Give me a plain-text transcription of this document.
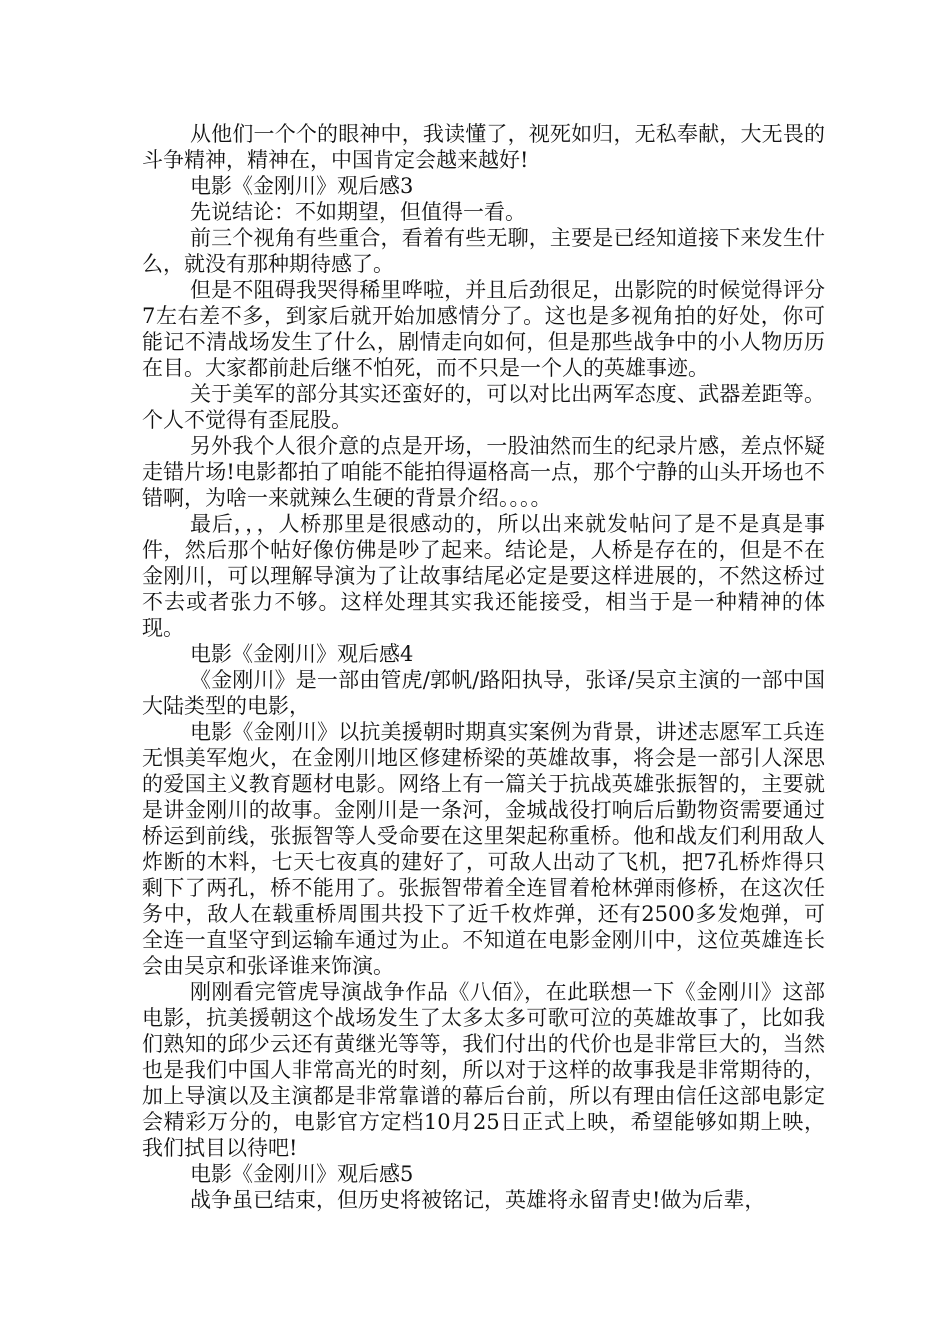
从他们一个个的眼神中，我读懂了，视死如归，无私奉献，大无畏的斗争精神，精神在，中国肯定会越来越好!

电影《金刚川》观后感3

先说结论：不如期望，但值得一看。

前三个视角有些重合，看着有些无聊，主要是已经知道接下来发生什么，就没有那种期待感了。

但是不阻碍我哭得稀里哗啦，并且后劲很足，出影院的时候觉得评分7左右差不多，到家后就开始加感情分了。这也是多视角拍的好处，你可能记不清战场发生了什么，剧情走向如何，但是那些战争中的小人物历历在目。大家都前赴后继不怕死，而不只是一个人的英雄事迹。

关于美军的部分其实还蛮好的，可以对比出两军态度、武器差距等。个人不觉得有歪屁股。

另外我个人很介意的点是开场，一股油然而生的纪录片感，差点怀疑走错片场!电影都拍了咱能不能拍得逼格高一点，那个宁静的山头开场也不错啊，为啥一来就辣么生硬的背景介绍。。。。

最后，，，人桥那里是很感动的，所以出来就发帖问了是不是真是事件，然后那个帖好像仿佛是吵了起来。结论是，人桥是存在的，但是不在金刚川，可以理解导演为了让故事结尾必定是要这样进展的，不然这桥过不去或者张力不够。这样处理其实我还能接受，相当于是一种精神的体现。

电影《金刚川》观后感4

《金刚川》是一部由管虎/郭帆/路阳执导，张译/吴京主演的一部中国大陆类型的电影，

电影《金刚川》以抗美援朝时期真实案例为背景，讲述志愿军工兵连无惧美军炮火，在金刚川地区修建桥梁的英雄故事，将会是一部引人深思的爱国主义教育题材电影。网络上有一篇关于抗战英雄张振智的，主要就是讲金刚川的故事。金刚川是一条河，金城战役打响后后勤物资需要通过桥运到前线，张振智等人受命要在这里架起称重桥。他和战友们利用敌人炸断的木料，七天七夜真的建好了，可敌人出动了飞机，把7孔桥炸得只剩下了两孔，桥不能用了。张振智带着全连冒着枪林弹雨修桥，在这次任务中，敌人在载重桥周围共投下了近千枚炸弹，还有2500多发炮弹，可全连一直坚守到运输车通过为止。不知道在电影金刚川中，这位英雄连长会由吴京和张译谁来饰演。

刚刚看完管虎导演战争作品《八佰》，在此联想一下《金刚川》这部电影，抗美援朝这个战场发生了太多太多可歌可泣的英雄故事了，比如我们熟知的邱少云还有黄继光等等，我们付出的代价也是非常巨大的，当然也是我们中国人非常高光的时刻，所以对于这样的故事我是非常期待的，加上导演以及主演都是非常靠谱的幕后台前，所以有理由信任这部电影定会精彩万分的，电影官方定档10月25日正式上映，希望能够如期上映，我们拭目以待吧!

电影《金刚川》观后感5

战争虽已结束，但历史将被铭记，英雄将永留青史!做为后辈，
